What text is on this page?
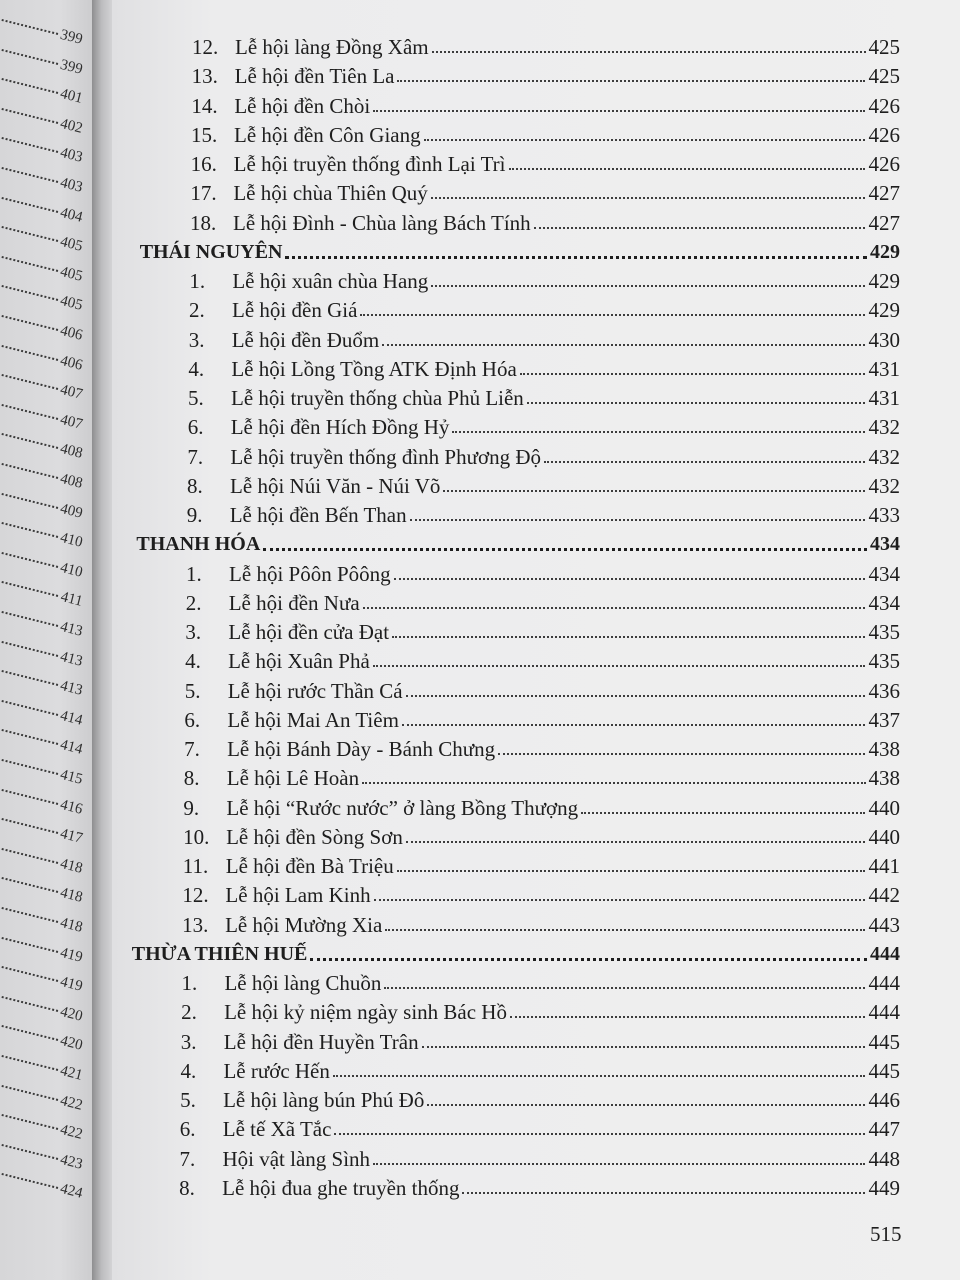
399
399
401
402
403
403
404
405
405
405
406
406
407
407
408
408
409
410
410
411
413
413
413
414
414
415
416
417
418
418
418
419
419
420
420
421
422
422
423
424
12. Lễ hội làng Đồng Xâm	425
13. Lễ hội đền Tiên La	425
14. Lễ hội đền Chòi	426
15. Lễ hội đền Côn Giang	426
16. Lễ hội truyền thống đình Lại Trì	426
17. Lễ hội chùa Thiên Quý	427
18. Lễ hội Đình - Chùa làng Bách Tính	427
THÁI NGUYÊN	429
1. Lễ hội xuân chùa Hang	429
2. Lễ hội đền Giá	429
3. Lễ hội đền Đuổm	430
4. Lễ hội Lồng Tồng ATK Định Hóa	431
5. Lễ hội truyền thống chùa Phủ Liễn	431
6. Lễ hội đền Hích Đồng Hỷ	432
7. Lễ hội truyền thống đình Phương Độ	432
8. Lễ hội Núi Văn - Núi Võ	432
9. Lễ hội đền Bến Than	433
THANH HÓA	434
1. Lễ hội Pôôn Pôông	434
2. Lễ hội đền Nưa	434
3. Lễ hội đền cửa Đạt	435
4. Lễ hội Xuân Phả	435
5. Lễ hội rước Thần Cá	436
6. Lễ hội Mai An Tiêm	437
7. Lễ hội Bánh Dày - Bánh Chưng	438
8. Lễ hội Lê Hoàn	438
9. Lễ hội “Rước nước” ở làng Bồng Thượng	440
10. Lễ hội đền Sòng Sơn	440
11. Lễ hội đền Bà Triệu	441
12. Lễ hội Lam Kinh	442
13. Lễ hội Mường Xia	443
THỪA THIÊN HUẾ	444
1. Lễ hội làng Chuồn	444
2. Lễ hội kỷ niệm ngày sinh Bác Hồ	444
3. Lễ hội đền Huyền Trân	445
4. Lễ rước Hến	445
5. Lễ hội làng bún Phú Đô	446
6. Lễ tế Xã Tắc	447
7. Hội vật làng Sình	448
8. Lễ hội đua ghe truyền thống	449
515
